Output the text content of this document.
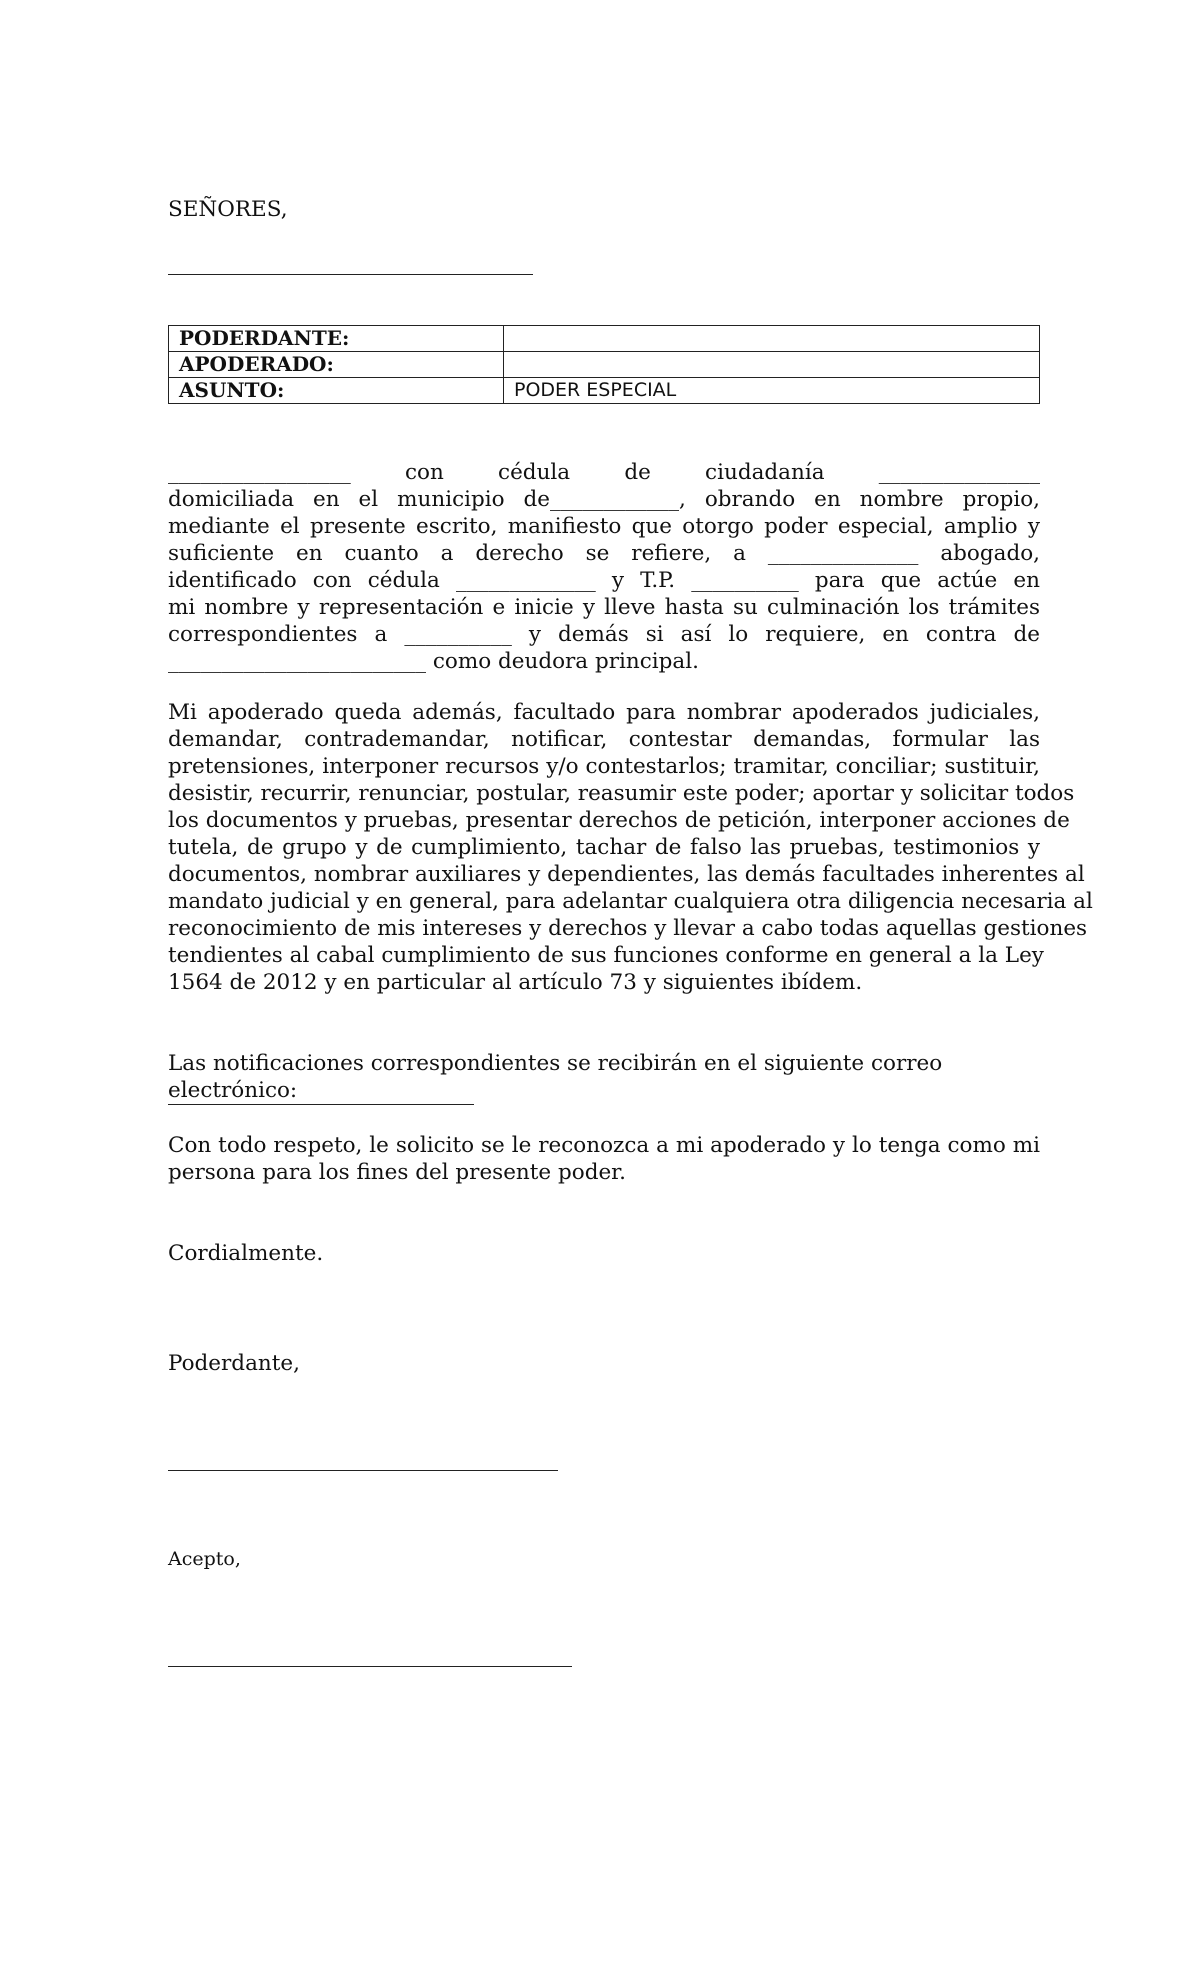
SEÑORES,
PODERDANTE:	
APODERADO:	
ASUNTO:	PODER ESPECIAL
_________________ con cédula de ciudadanía _______________
domiciliada en el municipio de____________, obrando en nombre propio,
mediante el presente escrito, manifiesto que otorgo poder especial, amplio y
suficiente en cuanto a derecho se refiere, a ______________ abogado,
identificado con cédula _____________ y T.P. __________ para que actúe en
mi nombre y representación e inicie y lleve hasta su culminación los trámites
correspondientes a __________ y demás si así lo requiere, en contra de
________________________ como deudora principal.
Mi apoderado queda además, facultado para nombrar apoderados judiciales,
demandar, contrademandar, notificar, contestar demandas, formular las
pretensiones, interponer recursos y/o contestarlos; tramitar, conciliar; sustituir,
desistir, recurrir, renunciar, postular, reasumir este poder; aportar y solicitar todos
los documentos y pruebas, presentar derechos de petición, interponer acciones de
tutela, de grupo y de cumplimiento, tachar de falso las pruebas, testimonios y
documentos, nombrar auxiliares y dependientes, las demás facultades inherentes al
mandato judicial y en general, para adelantar cualquiera otra diligencia necesaria al
reconocimiento de mis intereses y derechos y llevar a cabo todas aquellas gestiones
tendientes al cabal cumplimiento de sus funciones conforme en general a la Ley
1564 de 2012 y en particular al artículo 73 y siguientes ibídem.
Las notificaciones correspondientes se recibirán en el siguiente correo electrónico:
Con todo respeto, le solicito se le reconozca a mi apoderado y lo tenga como mi
persona para los fines del presente poder.
Cordialmente.
Poderdante,
Acepto,
